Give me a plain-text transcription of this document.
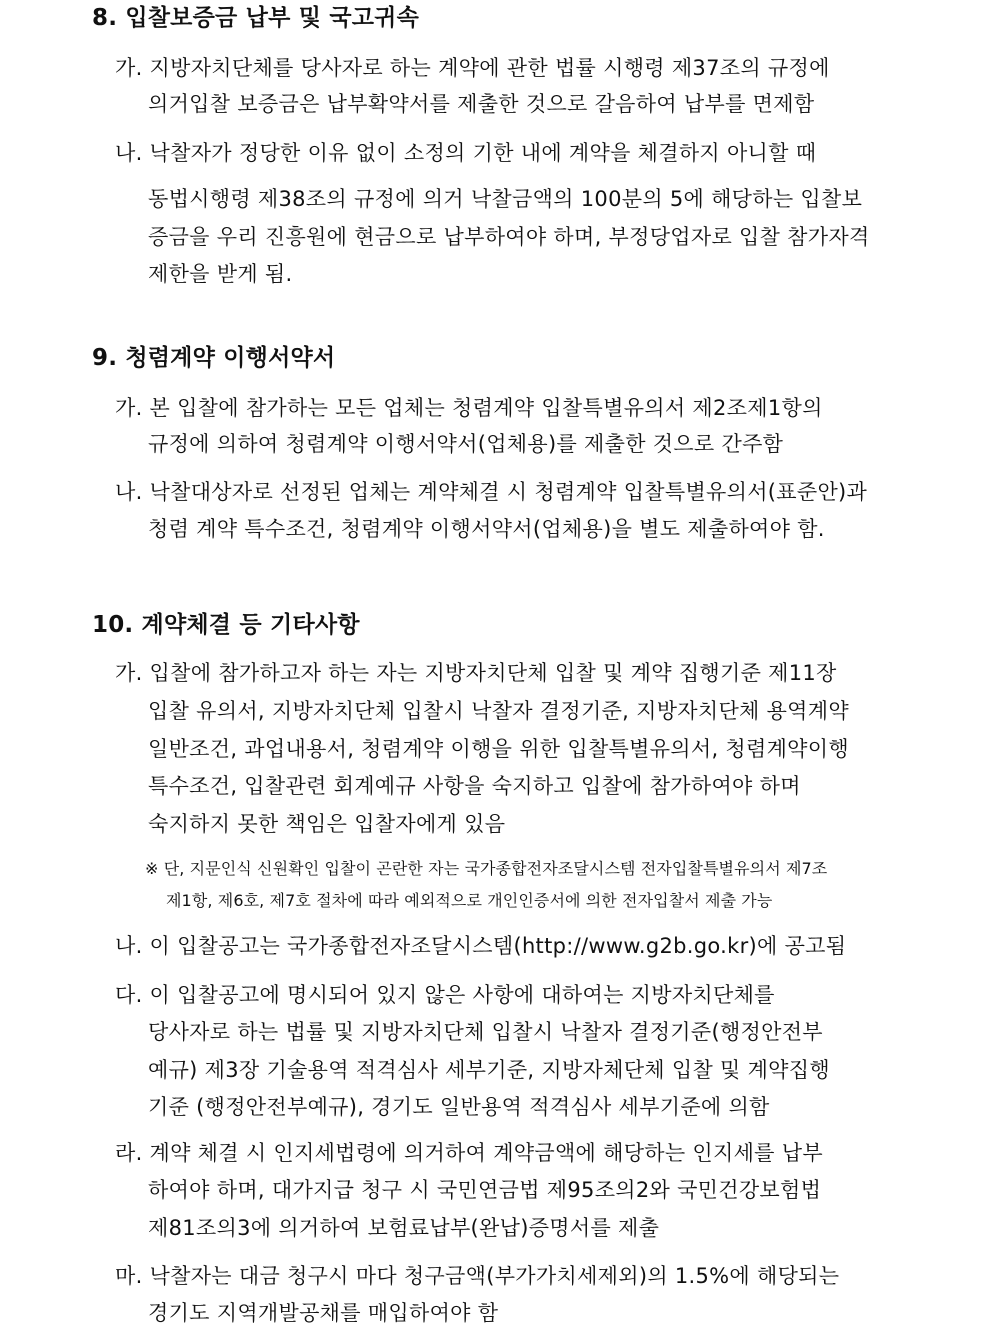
8. 입찰보증금 납부 및 국고귀속
가. 지방자치단체를 당사자로 하는 계약에 관한 법률 시행령 제37조의 규정에
의거입찰 보증금은 납부확약서를 제출한 것으로 갈음하여 납부를 면제함
나. 낙찰자가 정당한 이유 없이 소정의 기한 내에 계약을 체결하지 아니할 때
동법시행령 제38조의 규정에 의거 낙찰금액의 100분의 5에 해당하는 입찰보
증금을 우리 진흥원에 현금으로 납부하여야 하며, 부정당업자로 입찰 참가자격
제한을 받게 됨.
9. 청렴계약 이행서약서
가. 본 입찰에 참가하는 모든 업체는 청렴계약 입찰특별유의서 제2조제1항의
규정에 의하여 청렴계약 이행서약서(업체용)를 제출한 것으로 간주함
나. 낙찰대상자로 선정된 업체는 계약체결 시 청렴계약 입찰특별유의서(표준안)과
청렴 계약 특수조건, 청렴계약 이행서약서(업체용)을 별도 제출하여야 함.
10. 계약체결 등 기타사항
가. 입찰에 참가하고자 하는 자는 지방자치단체 입찰 및 계약 집행기준 제11장
입찰 유의서, 지방자치단체 입찰시 낙찰자 결정기준, 지방자치단체 용역계약
일반조건, 과업내용서, 청렴계약 이행을 위한 입찰특별유의서, 청렴계약이행
특수조건, 입찰관련 회계예규 사항을 숙지하고 입찰에 참가하여야 하며
숙지하지 못한 책임은 입찰자에게 있음
※ 단, 지문인식 신원확인 입찰이 곤란한 자는 국가종합전자조달시스템 전자입찰특별유의서 제7조
제1항, 제6호, 제7호 절차에 따라 예외적으로 개인인증서에 의한 전자입찰서 제출 가능
나. 이 입찰공고는 국가종합전자조달시스템(http://www.g2b.go.kr)에 공고됨
다. 이 입찰공고에 명시되어 있지 않은 사항에 대하여는 지방자치단체를
당사자로 하는 법률 및 지방자치단체 입찰시 낙찰자 결정기준(행정안전부
예규) 제3장 기술용역 적격심사 세부기준, 지방자체단체 입찰 및 계약집행
기준 (행정안전부예규), 경기도 일반용역 적격심사 세부기준에 의함
라. 계약 체결 시 인지세법령에 의거하여 계약금액에 해당하는 인지세를 납부
하여야 하며, 대가지급 청구 시 국민연금법 제95조의2와 국민건강보험법
제81조의3에 의거하여 보험료납부(완납)증명서를 제출
마. 낙찰자는 대금 청구시 마다 청구금액(부가가치세제외)의 1.5%에 해당되는
경기도 지역개발공채를 매입하여야 함
